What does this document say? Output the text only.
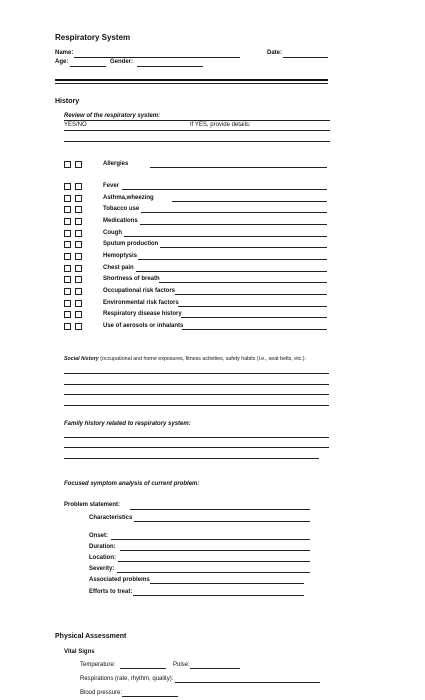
Respiratory System
Name:	Date:
Age:	Gender:
History
Review of the respiratory system:
YES/NO	If YES, provide details:
Allergies
Fever
Asthma,wheezing
Tobacco use
Medications
Cough
Sputum production
Hemoptysis
Chest pain
Shortness of breath
Occupational risk factors
Environmental risk factors
Respiratory disease history
Use of aerosols or inhalants
Social history (occupational and home exposures, fitness activities, safety habits (i.e., seat belts, etc.):
Family history related to respiratory system:
Focused symptom analysis of current problem:
Problem statement:
Characteristics
Onset:
Duration:
Location:
Severity:
Associated problems
Efforts to treat:
Physical Assessment
Vital Signs
Temperature:	Pulse:
Respirations (rate, rhythm, quality):
Blood pressure:
